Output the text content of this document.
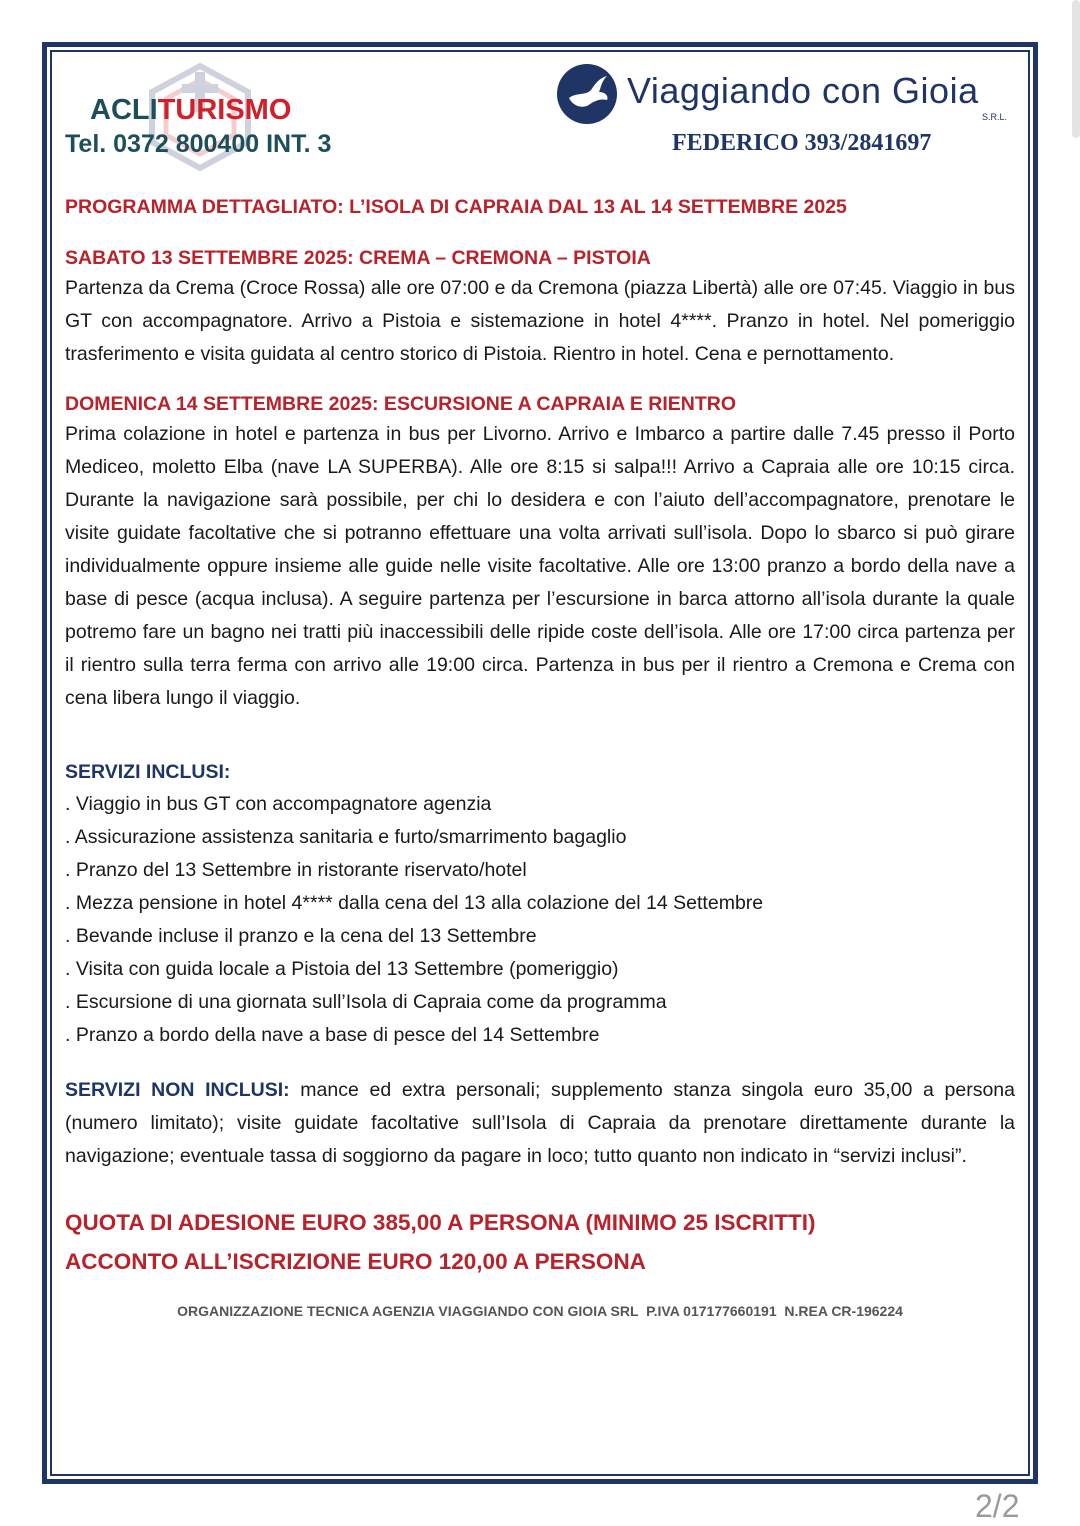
ACLITURISMO
Tel. 0372 800400 INT. 3
Viaggiando con Gioia
S.R.L.
FEDERICO 393/2841697
PROGRAMMA DETTAGLIATO: L’ISOLA DI CAPRAIA DAL 13 AL 14 SETTEMBRE 2025
SABATO 13 SETTEMBRE 2025: CREMA – CREMONA – PISTOIA

Partenza da Crema (Croce Rossa) alle ore 07:00 e da Cremona (piazza Libertà) alle ore 07:45. Viaggio in bus GT con accompagnatore. Arrivo a Pistoia e sistemazione in hotel 4****. Pranzo in hotel. Nel pomeriggio trasferimento e visita guidata al centro storico di Pistoia. Rientro in hotel. Cena e pernottamento.

DOMENICA 14 SETTEMBRE 2025: ESCURSIONE A CAPRAIA E RIENTRO

Prima colazione in hotel e partenza in bus per Livorno. Arrivo e Imbarco a partire dalle 7.45 presso il Porto Mediceo, moletto Elba (nave LA SUPERBA). Alle ore 8:15 si salpa!!! Arrivo a Capraia alle ore 10:15 circa. Durante la navigazione sarà possibile, per chi lo desidera e con l’aiuto dell’accompagnatore, prenotare le visite guidate facoltative che si potranno effettuare una volta arrivati sull’isola. Dopo lo sbarco si può girare individualmente oppure insieme alle guide nelle visite facoltative. Alle ore 13:00 pranzo a bordo della nave a base di pesce (acqua inclusa). A seguire partenza per l’escursione in barca attorno all’isola durante la quale potremo fare un bagno nei tratti più inaccessibili delle ripide coste dell’isola. Alle ore 17:00 circa partenza per il rientro sulla terra ferma con arrivo alle 19:00 circa. Partenza in bus per il rientro a Cremona e Crema con cena libera lungo il viaggio.

SERVIZI INCLUSI:
. Viaggio in bus GT con accompagnatore agenzia
. Assicurazione assistenza sanitaria e furto/smarrimento bagaglio
. Pranzo del 13 Settembre in ristorante riservato/hotel
. Mezza pensione in hotel 4**** dalla cena del 13 alla colazione del 14 Settembre
. Bevande incluse il pranzo e la cena del 13 Settembre
. Visita con guida locale a Pistoia del 13 Settembre (pomeriggio)
. Escursione di una giornata sull’Isola di Capraia come da programma
. Pranzo a bordo della nave a base di pesce del 14 Settembre
SERVIZI NON INCLUSI: mance ed extra personali; supplemento stanza singola euro 35,00 a persona (numero limitato); visite guidate facoltative sull’Isola di Capraia da prenotare direttamente durante la navigazione; eventuale tassa di soggiorno da pagare in loco; tutto quanto non indicato in “servizi inclusi”.
QUOTA DI ADESIONE EURO 385,00 A PERSONA (MINIMO 25 ISCRITTI)
ACCONTO ALL’ISCRIZIONE EURO 120,00 A PERSONA
ORGANIZZAZIONE TECNICA AGENZIA VIAGGIANDO CON GIOIA SRL  P.IVA 017177660191  N.REA CR-196224
2/2
